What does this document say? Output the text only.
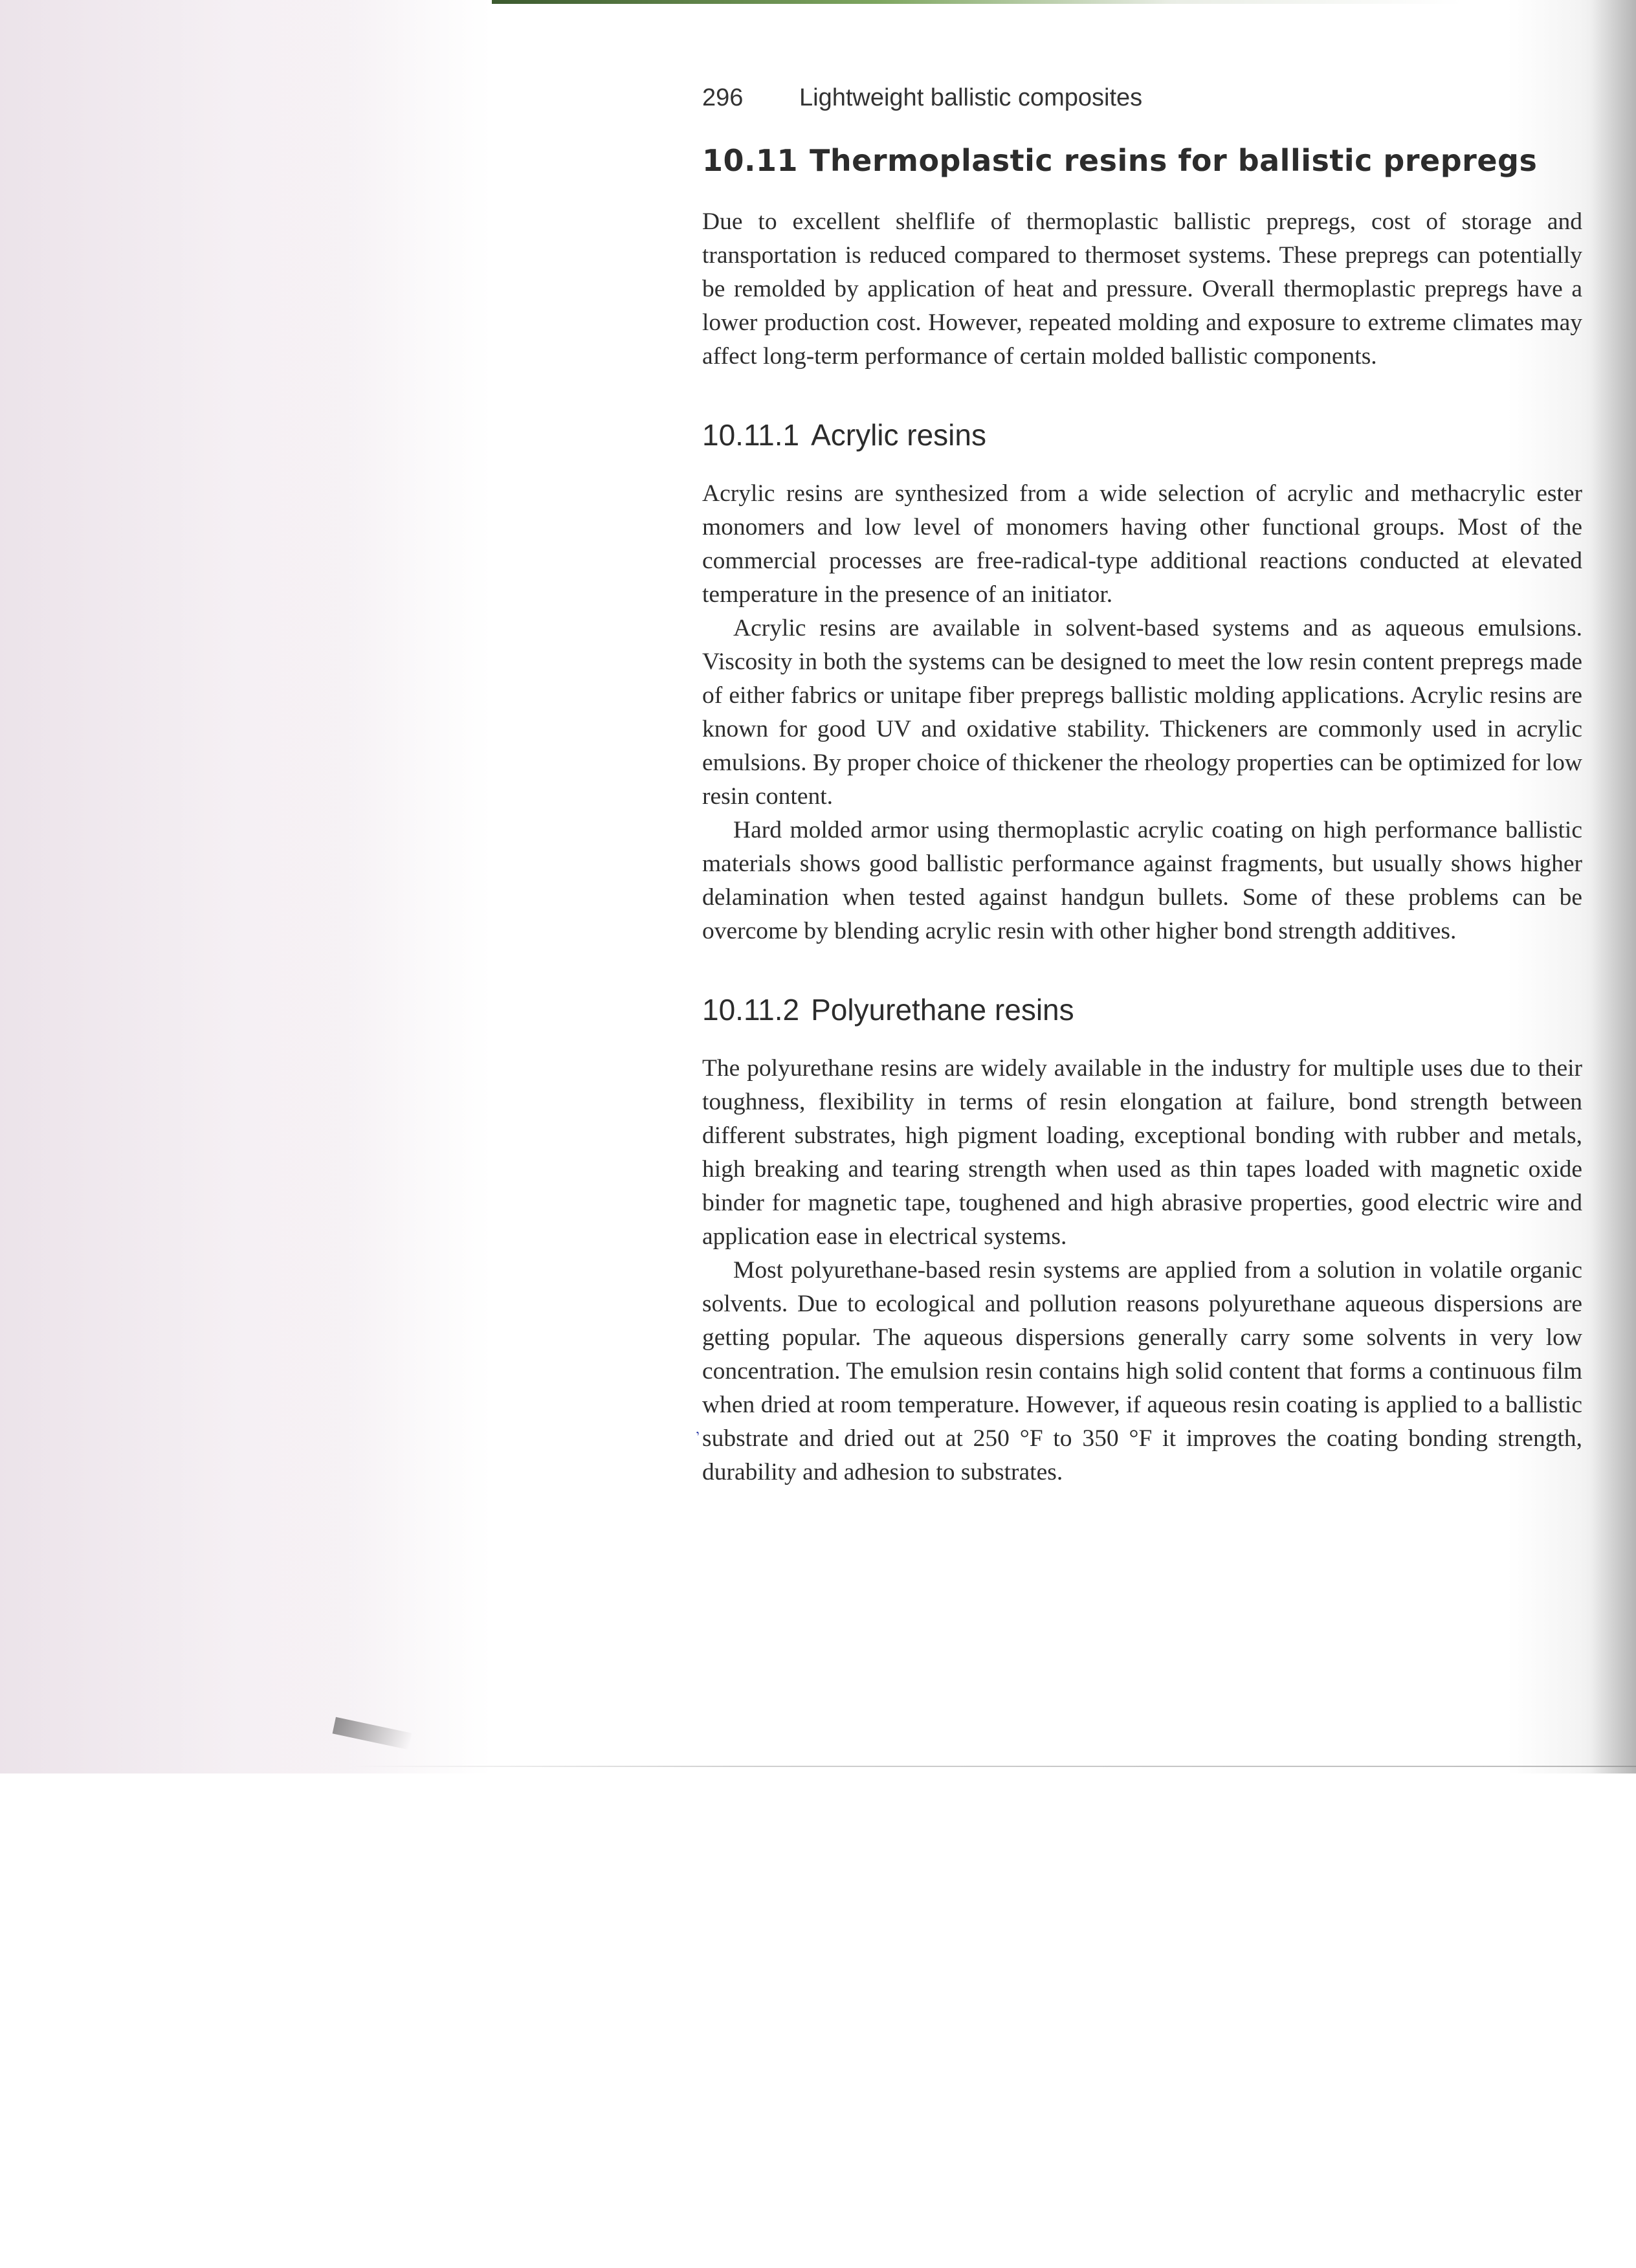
,
296	Lightweight ballistic composites
10.11 Thermoplastic resins for ballistic prepregs

Due to excellent shelflife of thermoplastic ballistic prepregs, cost of storage and transportation is reduced compared to thermoset systems. These prepregs can potentially be remolded by application of heat and pressure. Overall thermoplastic prepregs have a lower production cost. However, repeated molding and exposure to extreme climates may affect long-term performance of certain molded ballistic components.

10.11.1 Acrylic resins

Acrylic resins are synthesized from a wide selection of acrylic and methacrylic ester monomers and low level of monomers having other functional groups. Most of the commercial processes are free-radical-type additional reactions conducted at elevated temperature in the presence of an initiator.

Acrylic resins are available in solvent-based systems and as aqueous emulsions. Viscosity in both the systems can be designed to meet the low resin content prepregs made of either fabrics or unitape fiber prepregs ballistic molding applications. Acrylic resins are known for good UV and oxidative stability. Thickeners are commonly used in acrylic emulsions. By proper choice of thickener the rheology properties can be optimized for low resin content.

Hard molded armor using thermoplastic acrylic coating on high performance ballistic materials shows good ballistic performance against fragments, but usually shows higher delamination when tested against handgun bullets. Some of these problems can be overcome by blending acrylic resin with other higher bond strength additives.

10.11.2 Polyurethane resins

The polyurethane resins are widely available in the industry for multiple uses due to their toughness, flexibility in terms of resin elongation at failure, bond strength between different substrates, high pigment loading, exceptional bonding with rubber and metals, high breaking and tearing strength when used as thin tapes loaded with magnetic oxide binder for magnetic tape, toughened and high abrasive properties, good electric wire and application ease in electrical systems.

Most polyurethane-based resin systems are applied from a solution in volatile organic solvents. Due to ecological and pollution reasons polyurethane aqueous dispersions are getting popular. The aqueous dispersions generally carry some solvents in very low concentration. The emulsion resin contains high solid content that forms a continuous film when dried at room temperature. However, if aqueous resin coating is applied to a ballistic substrate and dried out at 250 °F to 350 °F it improves the coating bonding strength, durability and adhesion to substrates.
